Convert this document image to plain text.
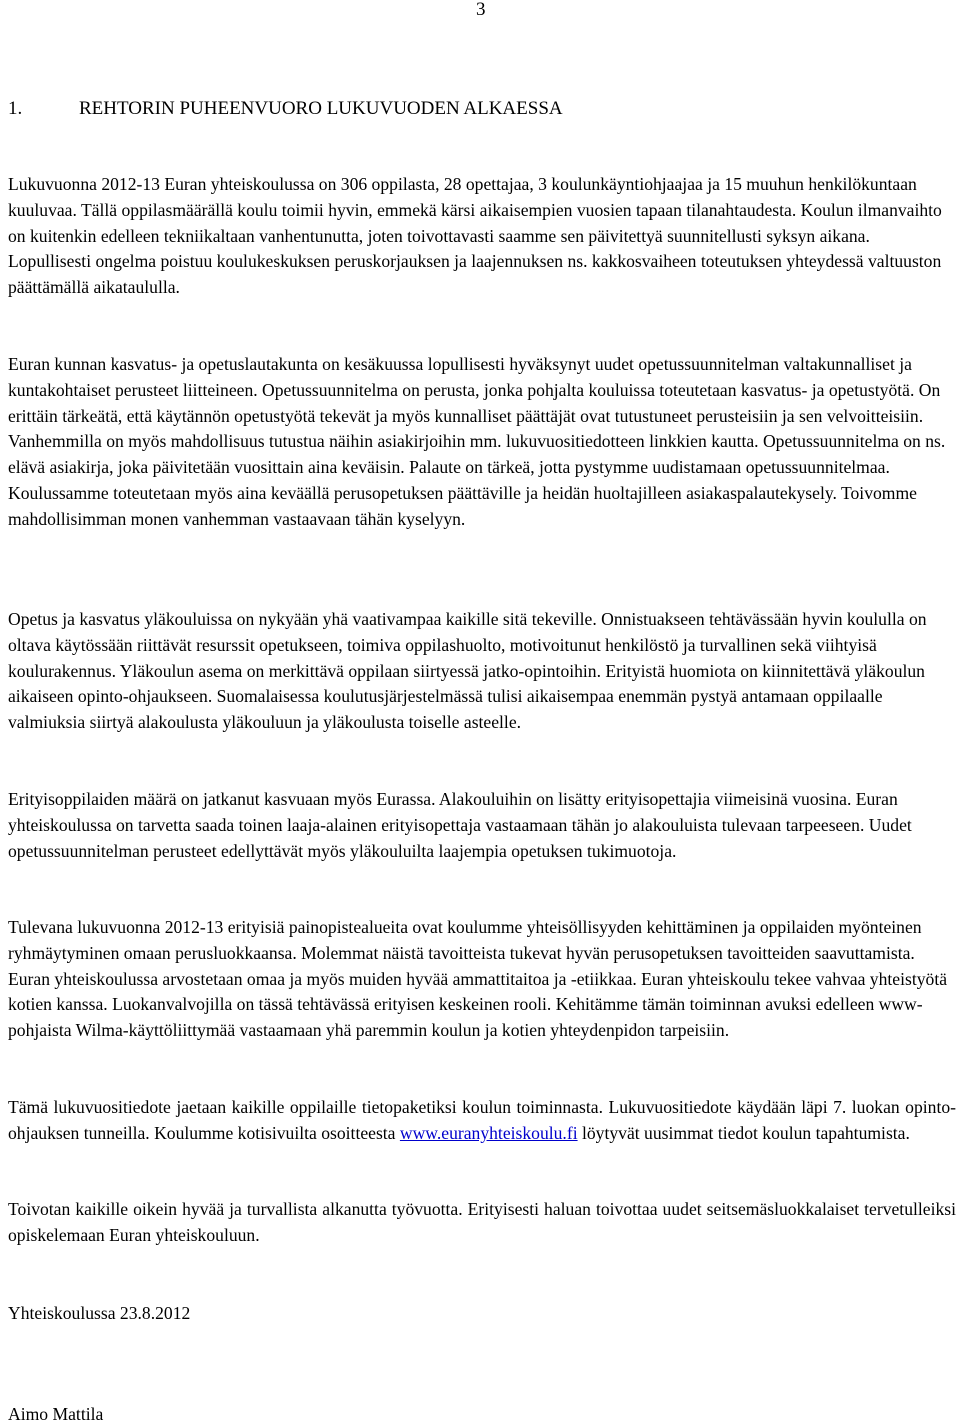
3
1.	REHTORIN PUHEENVUORO LUKUVUODEN ALKAESSA

Lukuvuonna 2012-13 Euran yhteiskoulussa on 306 oppilasta, 28 opettajaa, 3 koulunkäyntiohjaajaa ja 15 muuhun henkilökuntaan kuuluvaa. Tällä oppilasmäärällä koulu toimii hyvin, emmekä kärsi aikaisempien vuosien tapaan tilanahtaudesta. Koulun ilmanvaihto on kuitenkin edelleen tekniikaltaan vanhentunutta, joten toivottavasti saamme sen päivitettyä suunnitellusti syksyn aikana. Lopullisesti ongelma poistuu koulukeskuksen peruskorjauksen ja laajennuksen ns. kakkosvaiheen toteutuksen yhteydessä valtuuston päättämällä aikataululla.

Euran kunnan kasvatus- ja opetuslautakunta on kesäkuussa lopullisesti hyväksynyt uudet opetussuunnitelman valtakunnalliset ja kuntakohtaiset perusteet liitteineen. Opetussuunnitelma on perusta, jonka pohjalta kouluissa toteutetaan kasvatus- ja opetustyötä. On erittäin tärkeätä, että käytännön opetustyötä tekevät ja myös kunnalliset päättäjät ovat tutustuneet perusteisiin ja sen velvoitteisiin. Vanhemmilla on myös mahdollisuus tutustua näihin asiakirjoihin mm. lukuvuositiedotteen linkkien kautta. Opetussuunnitelma on ns. elävä asiakirja, joka päivitetään vuosittain aina keväisin. Palaute on tärkeä, jotta pystymme uudistamaan opetussuunnitelmaa. Koulussamme toteutetaan myös aina keväällä perusopetuksen päättäville ja heidän huoltajilleen asiakaspalautekysely. Toivomme mahdollisimman monen vanhemman vastaavaan tähän kyselyyn.

Opetus ja kasvatus yläkouluissa on nykyään yhä vaativampaa kaikille sitä tekeville. Onnistuakseen tehtävässään hyvin koululla on oltava käytössään riittävät resurssit opetukseen, toimiva oppilashuolto, motivoitunut henkilöstö ja turvallinen sekä viihtyisä koulurakennus. Yläkoulun asema on merkittävä oppilaan siirtyessä jatko-opintoihin. Erityistä huomiota on kiinnitettävä yläkoulun aikaiseen opinto-ohjaukseen. Suomalaisessa koulutusjärjestelmässä tulisi aikaisempaa enemmän pystyä antamaan oppilaalle valmiuksia siirtyä alakoulusta yläkouluun ja yläkoulusta toiselle asteelle.

Erityisoppilaiden määrä on jatkanut kasvuaan myös Eurassa. Alakouluihin on lisätty erityisopettajia viimeisinä vuosina. Euran yhteiskoulussa on tarvetta saada toinen laaja-alainen erityisopettaja vastaamaan tähän jo alakouluista tulevaan tarpeeseen. Uudet opetussuunnitelman perusteet edellyttävät myös yläkouluilta laajempia opetuksen tukimuotoja.

Tulevana lukuvuonna 2012-13 erityisiä painopistealueita ovat koulumme yhteisöllisyyden kehittäminen ja oppilaiden myönteinen ryhmäytyminen omaan perusluokkaansa. Molemmat näistä tavoitteista tukevat hyvän perusopetuksen tavoitteiden saavuttamista. Euran yhteiskoulussa arvostetaan omaa ja myös muiden hyvää ammattitaitoa ja -etiikkaa. Euran yhteiskoulu tekee vahvaa yhteistyötä kotien kanssa. Luokanvalvojilla on tässä tehtävässä erityisen keskeinen rooli. Kehitämme tämän toiminnan avuksi edelleen www-pohjaista Wilma-käyttöliittymää vastaamaan yhä paremmin koulun ja kotien yhteydenpidon tarpeisiin.

Tämä lukuvuositiedote jaetaan kaikille oppilaille tietopaketiksi koulun toiminnasta. Lukuvuositiedote käydään läpi 7. luokan opinto-ohjauksen tunneilla. Koulumme kotisivuilta osoitteesta www.euranyhteiskoulu.fi löytyvät uusimmat tiedot koulun tapahtumista.

Toivotan kaikille oikein hyvää ja turvallista alkanutta työvuotta. Erityisesti haluan toivottaa uudet seitsemäsluokkalaiset tervetulleiksi opiskelemaan Euran yhteiskouluun.

Yhteiskoulussa 23.8.2012
Aimo Mattila
